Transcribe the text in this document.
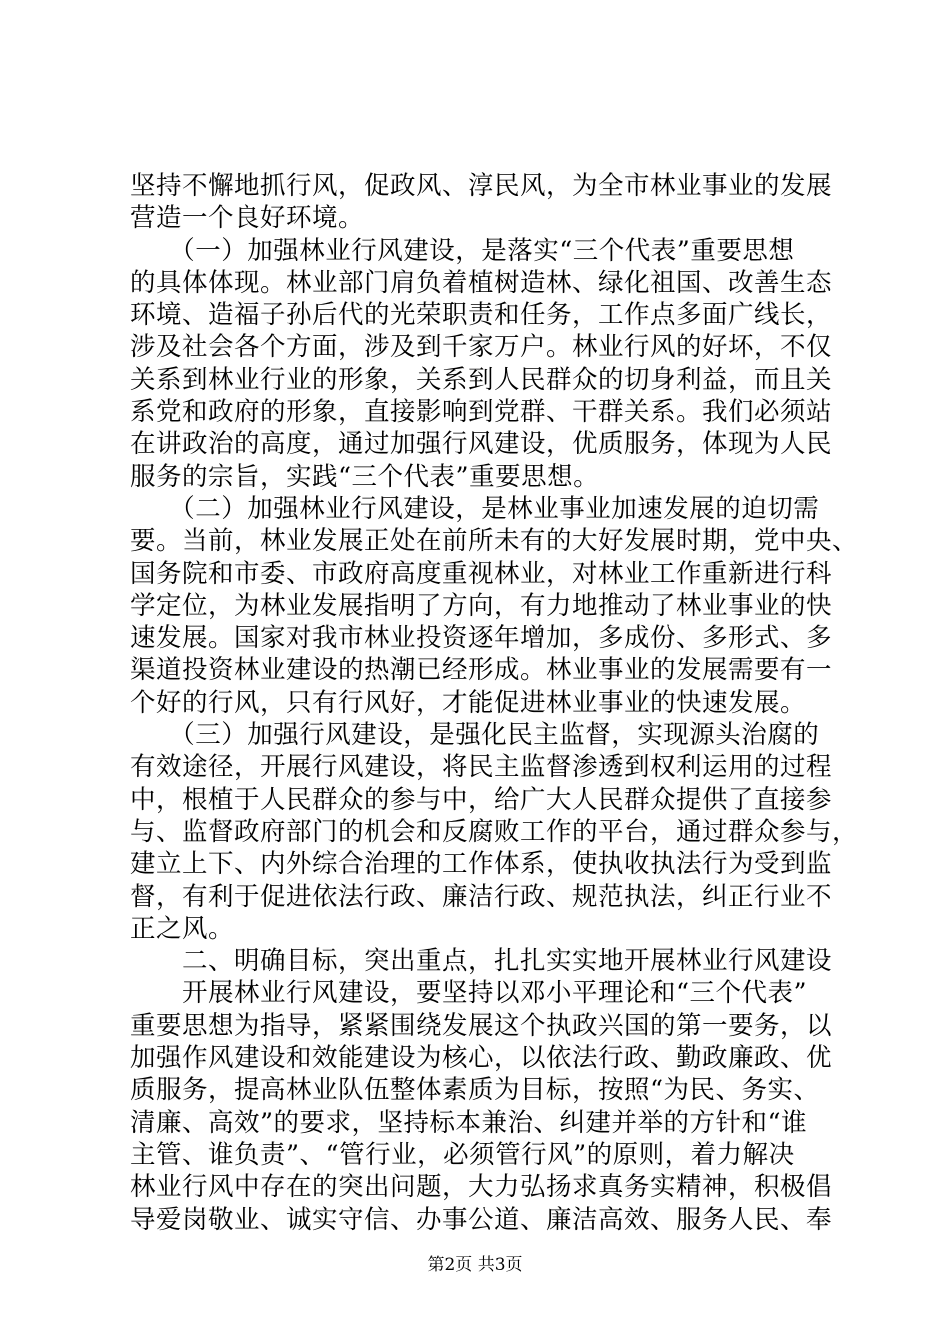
坚持不懈地抓行风，促政风、淳民风，为全市林业事业的发展
营造一个良好环境。
　　（一）加强林业行风建设，是落实“三个代表”重要思想
的具体体现。林业部门肩负着植树造林、绿化祖国、改善生态
环境、造福子孙后代的光荣职责和任务，工作点多面广线长，
涉及社会各个方面，涉及到千家万户。林业行风的好坏，不仅
关系到林业行业的形象，关系到人民群众的切身利益，而且关
系党和政府的形象，直接影响到党群、干群关系。我们必须站
在讲政治的高度，通过加强行风建设，优质服务，体现为人民
服务的宗旨，实践“三个代表”重要思想。
　　（二）加强林业行风建设，是林业事业加速发展的迫切需
要。当前，林业发展正处在前所未有的大好发展时期，党中央、
国务院和市委、市政府高度重视林业，对林业工作重新进行科
学定位，为林业发展指明了方向，有力地推动了林业事业的快
速发展。国家对我市林业投资逐年增加，多成份、多形式、多
渠道投资林业建设的热潮已经形成。林业事业的发展需要有一
个好的行风，只有行风好，才能促进林业事业的快速发展。
　　（三）加强行风建设，是强化民主监督，实现源头治腐的
有效途径，开展行风建设，将民主监督渗透到权利运用的过程
中，根植于人民群众的参与中，给广大人民群众提供了直接参
与、监督政府部门的机会和反腐败工作的平台，通过群众参与，
建立上下、内外综合治理的工作体系，使执收执法行为受到监
督，有利于促进依法行政、廉洁行政、规范执法，纠正行业不
正之风。
　　二、明确目标，突出重点，扎扎实实地开展林业行风建设
　　开展林业行风建设，要坚持以邓小平理论和“三个代表”
重要思想为指导，紧紧围绕发展这个执政兴国的第一要务，以
加强作风建设和效能建设为核心，以依法行政、勤政廉政、优
质服务，提高林业队伍整体素质为目标，按照“为民、务实、
清廉、高效”的要求，坚持标本兼治、纠建并举的方针和“谁
主管、谁负责”、“管行业，必须管行风”的原则，着力解决
林业行风中存在的突出问题，大力弘扬求真务实精神，积极倡
导爱岗敬业、诚实守信、办事公道、廉洁高效、服务人民、奉
第2页 共3页
